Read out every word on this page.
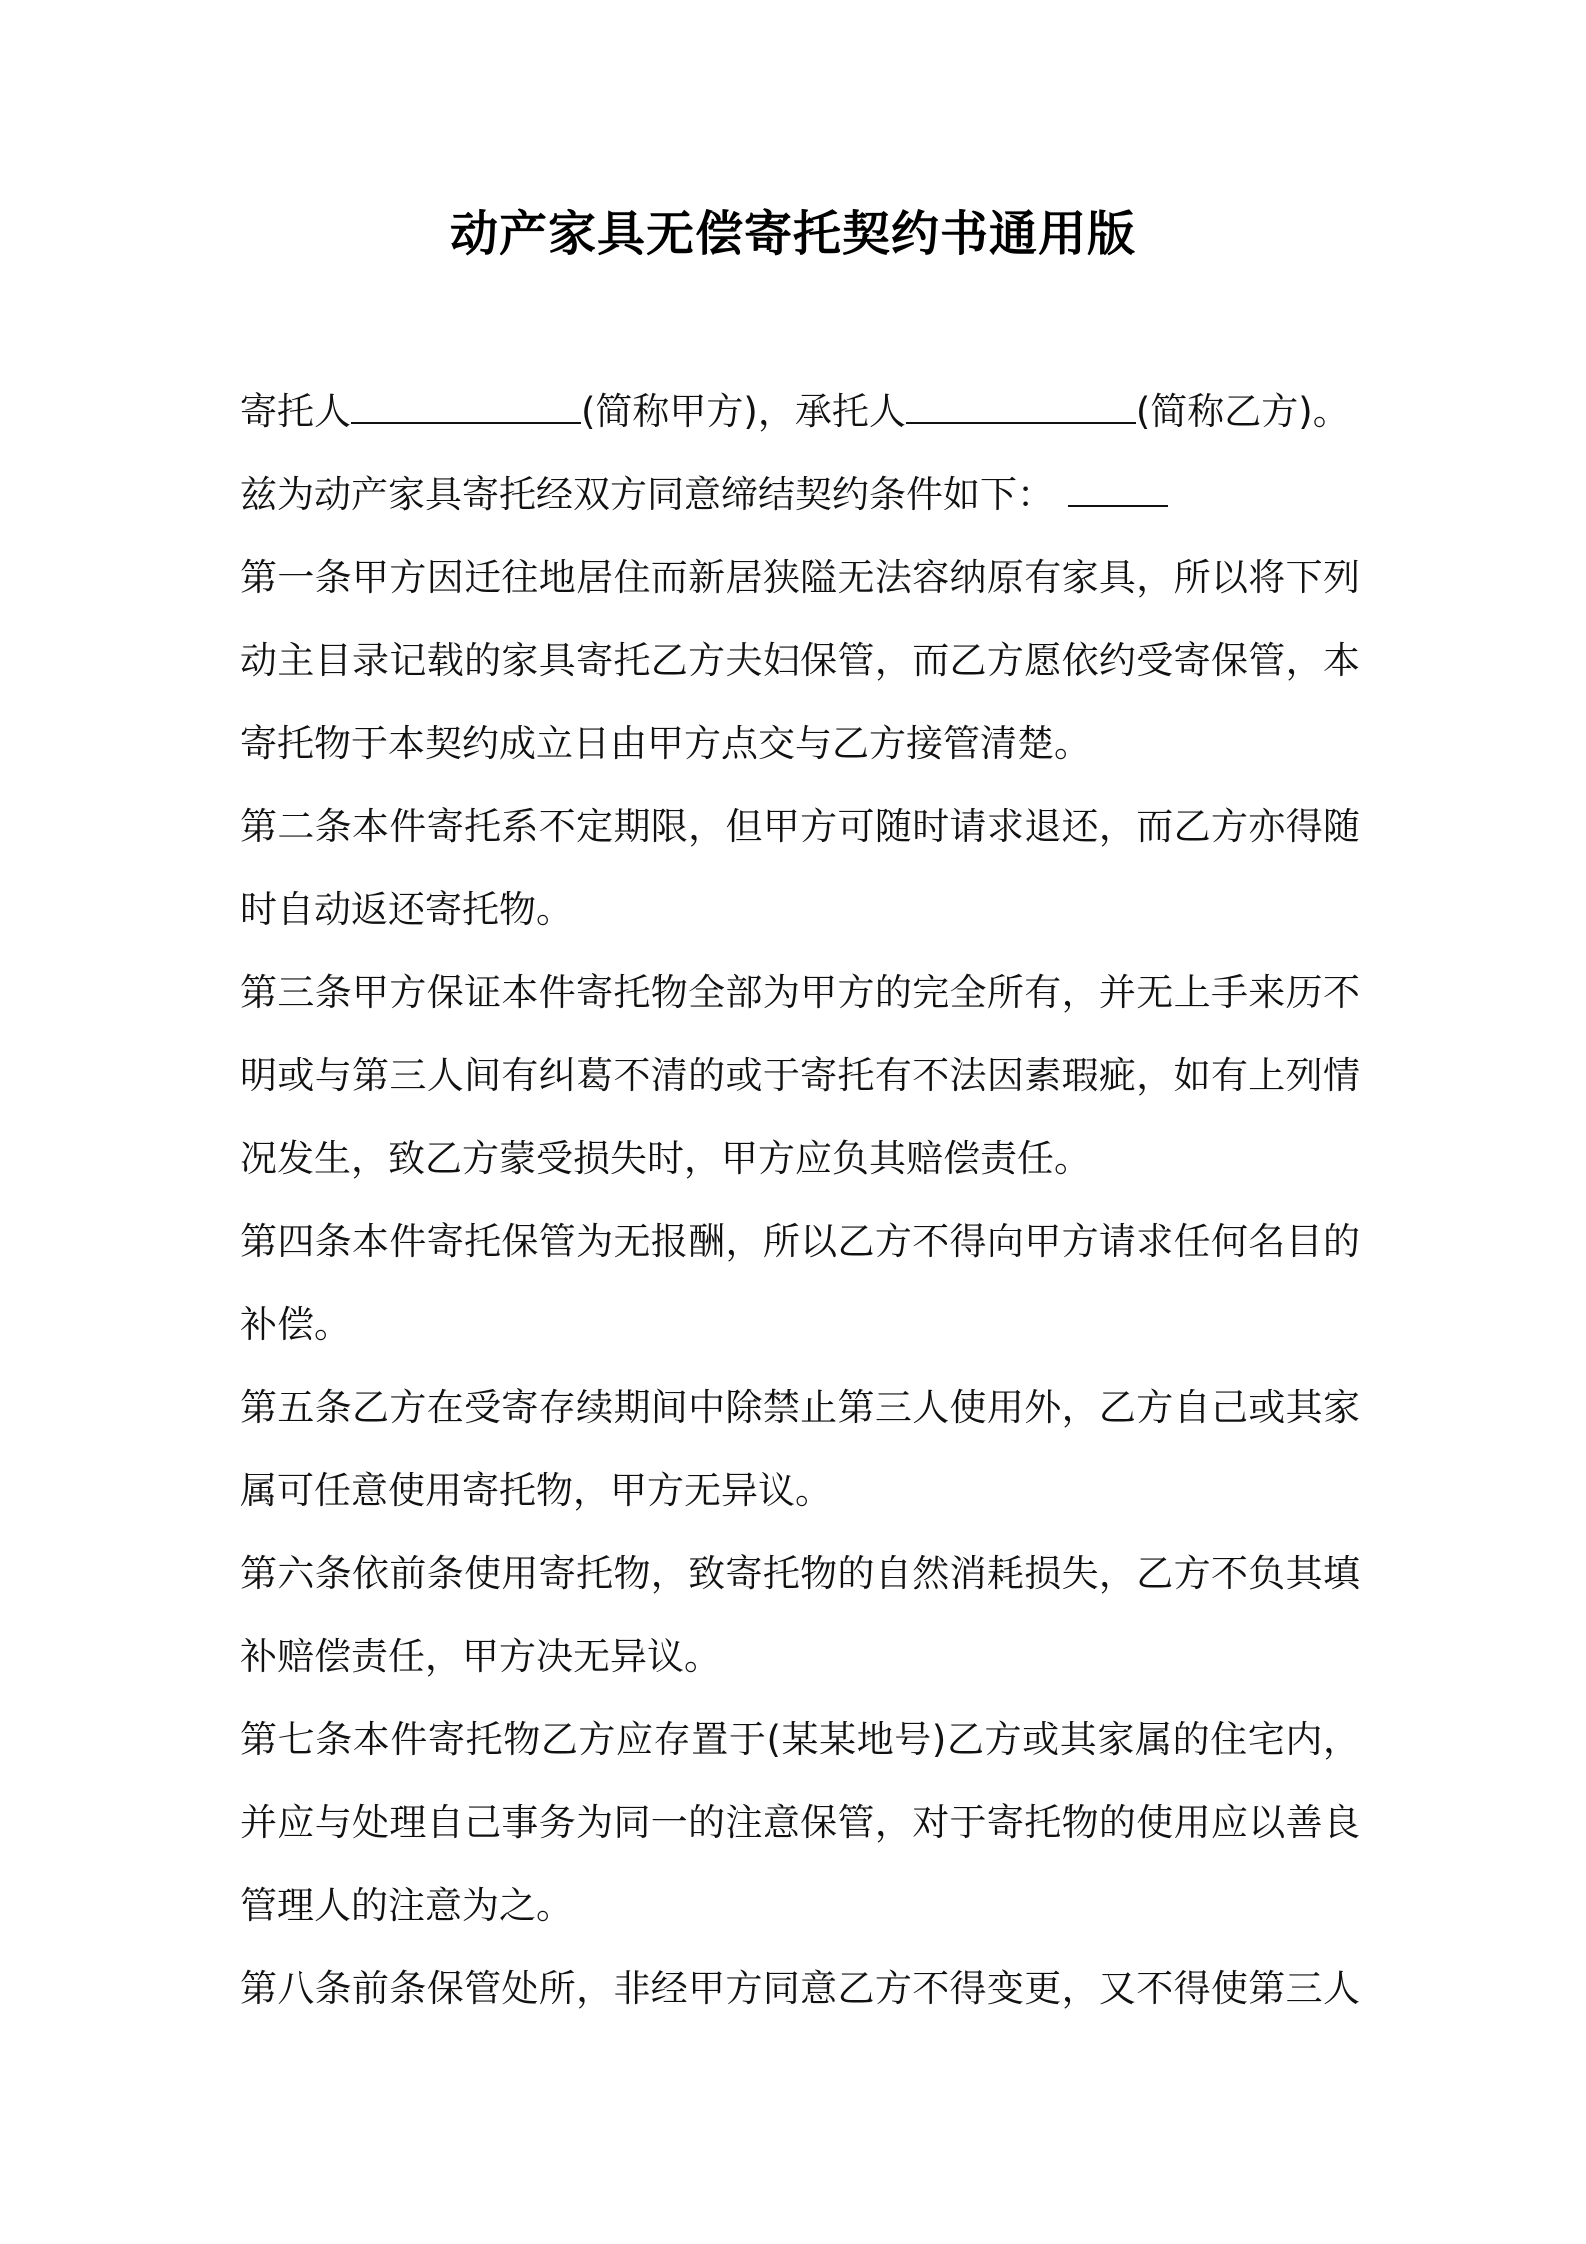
动产家具无偿寄托契约书通用版
寄托人	(简称甲方)，承托人	(简称乙方)。
兹为动产家具寄托经双方同意缔结契约条件如下：
第一条甲方因迁往地居住而新居狭隘无法容纳原有家具，所以将下列
动主目录记载的家具寄托乙方夫妇保管，而乙方愿依约受寄保管，本
寄托物于本契约成立日由甲方点交与乙方接管清楚。
第二条本件寄托系不定期限，但甲方可随时请求退还，而乙方亦得随
时自动返还寄托物。
第三条甲方保证本件寄托物全部为甲方的完全所有，并无上手来历不
明或与第三人间有纠葛不清的或于寄托有不法因素瑕疵，如有上列情
况发生，致乙方蒙受损失时，甲方应负其赔偿责任。
第四条本件寄托保管为无报酬，所以乙方不得向甲方请求任何名目的
补偿。
第五条乙方在受寄存续期间中除禁止第三人使用外，乙方自己或其家
属可任意使用寄托物，甲方无异议。
第六条依前条使用寄托物，致寄托物的自然消耗损失，乙方不负其填
补赔偿责任，甲方决无异议。
第七条本件寄托物乙方应存置于(某某地号)乙方或其家属的住宅内，
并应与处理自己事务为同一的注意保管，对于寄托物的使用应以善良
管理人的注意为之。
第八条前条保管处所，非经甲方同意乙方不得变更，又不得使第三人
